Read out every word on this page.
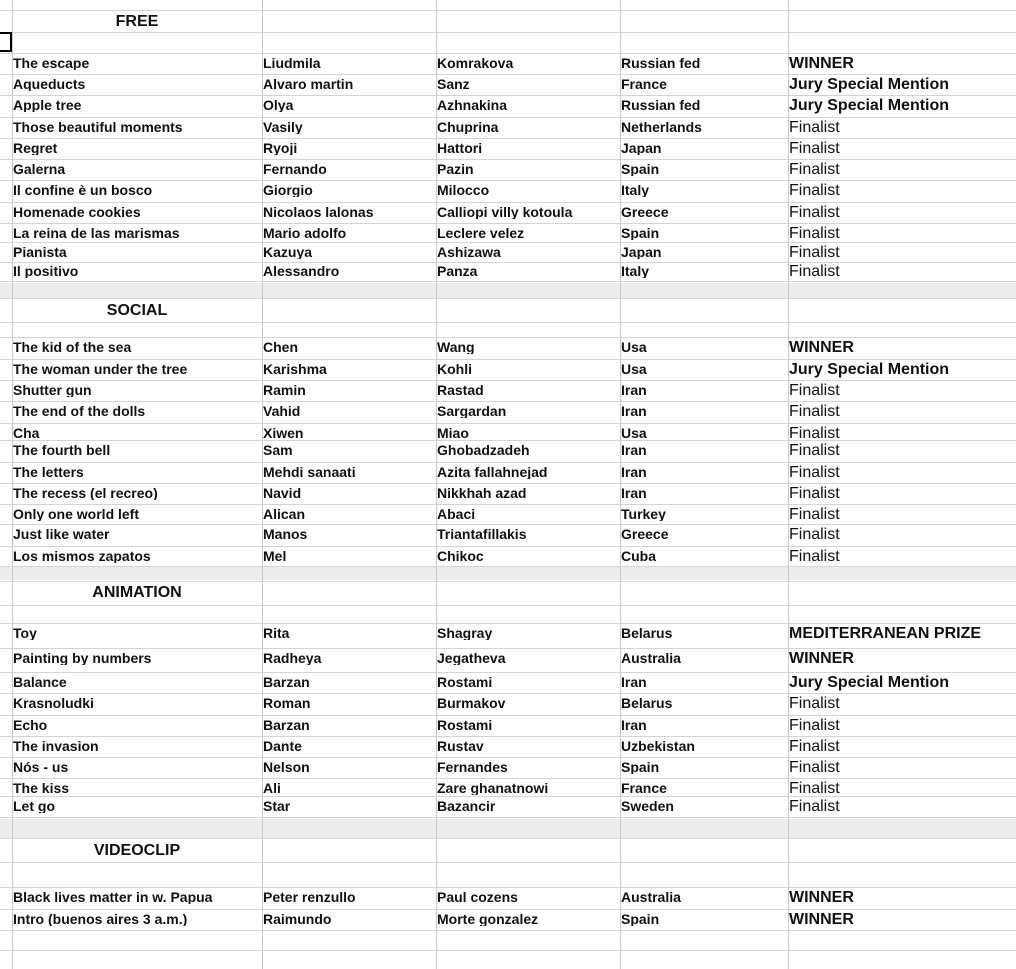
FREE
The escape	Liudmila	Komrakova	Russian fed	WINNER
Aqueducts	Alvaro martin	Sanz	France	Jury Special Mention
Apple tree	Olya	Azhnakina	Russian fed	Jury Special Mention
Those beautiful moments	Vasily	Chuprina	Netherlands	Finalist
Regret	Ryoji	Hattori	Japan	Finalist
Galerna	Fernando	Pazin	Spain	Finalist
Il confine è un bosco	Giorgio	Milocco	Italy	Finalist
Homenade cookies	Nicolaos lalonas	Calliopi villy kotoula	Greece	Finalist
La reina de las marismas	Mario adolfo	Leclere velez	Spain	Finalist
Pianista	Kazuya	Ashizawa	Japan	Finalist
Il positivo	Alessandro	Panza	Italy	Finalist
SOCIAL
The kid of the sea	Chen	Wang	Usa	WINNER
The woman under the tree	Karishma	Kohli	Usa	Jury Special Mention
Shutter gun	Ramin	Rastad	Iran	Finalist
The end of the dolls	Vahid	Sargardan	Iran	Finalist
Cha	Xiwen	Miao	Usa	Finalist
The fourth bell	Sam	Ghobadzadeh	Iran	Finalist
The letters	Mehdi sanaati	Azita fallahnejad	Iran	Finalist
The recess (el recreo)	Navid	Nikkhah azad	Iran	Finalist
Only one world left	Alican	Abaci	Turkey	Finalist
Just like water	Manos	Triantafillakis	Greece	Finalist
Los mismos zapatos	Mel	Chikoc	Cuba	Finalist
ANIMATION
Toy	Rita	Shagray	Belarus	MEDITERRANEAN PRIZE
Painting by numbers	Radheya	Jegatheva	Australia	WINNER
Balance	Barzan	Rostami	Iran	Jury Special Mention
Krasnoludki	Roman	Burmakov	Belarus	Finalist
Echo	Barzan	Rostami	Iran	Finalist
The invasion	Dante	Rustav	Uzbekistan	Finalist
Nós - us	Nelson	Fernandes	Spain	Finalist
The kiss	Ali	Zare ghanatnowi	France	Finalist
Let go	Star	Bazancir	Sweden	Finalist
VIDEOCLIP
Black lives matter in w. Papua	Peter renzullo	Paul cozens	Australia	WINNER
Intro (buenos aires 3 a.m.)	Raimundo	Morte gonzalez	Spain	WINNER
